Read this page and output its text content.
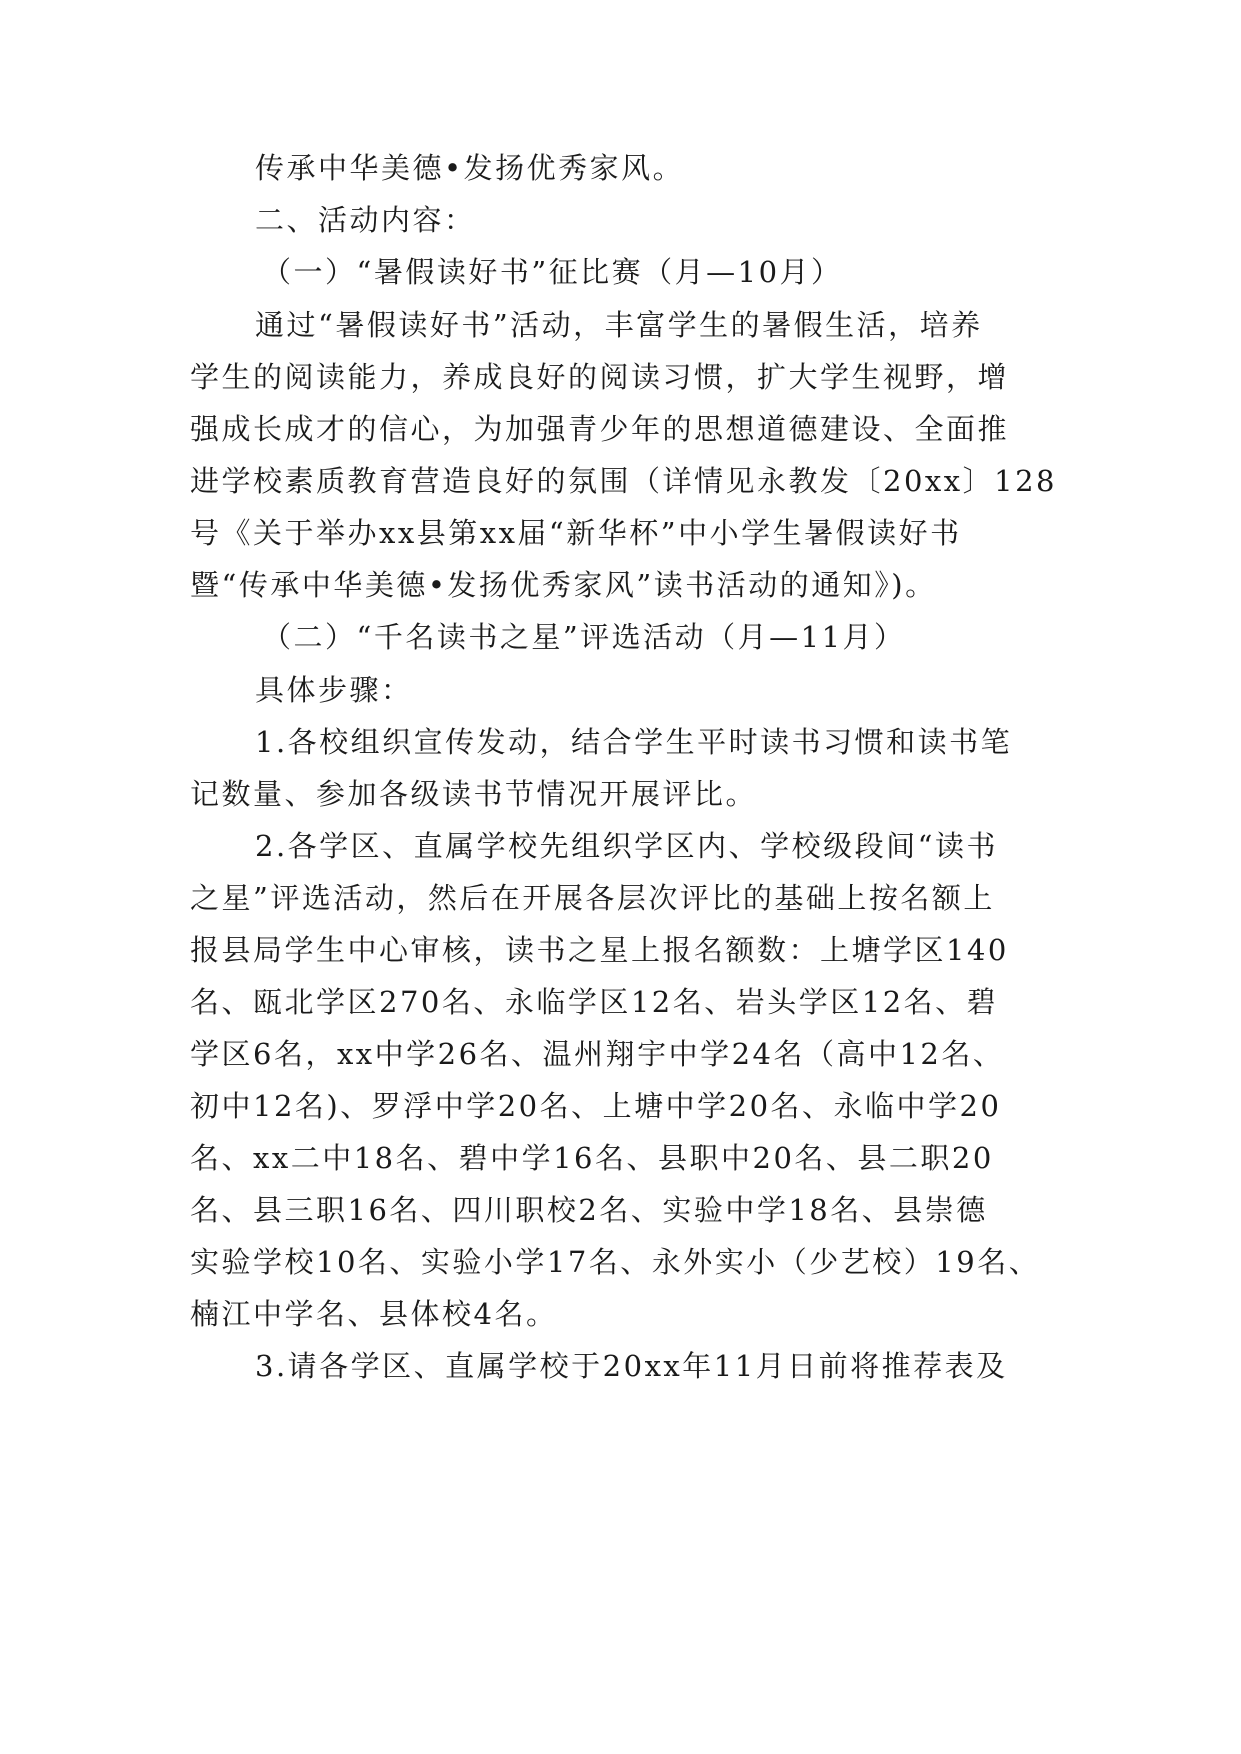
传承中华美德•发扬优秀家风。
二、活动内容：
（一）“暑假读好书”征比赛（月—10月）
通过“暑假读好书”活动，丰富学生的暑假生活，培养
学生的阅读能力，养成良好的阅读习惯，扩大学生视野，增
强成长成才的信心，为加强青少年的思想道德建设、全面推
进学校素质教育营造良好的氛围（详情见永教发〔20xx〕128
号《关于举办xx县第xx届“新华杯”中小学生暑假读好书
暨“传承中华美德•发扬优秀家风”读书活动的通知》)。
（二）“千名读书之星”评选活动（月—11月）
具体步骤：
1.各校组织宣传发动，结合学生平时读书习惯和读书笔
记数量、参加各级读书节情况开展评比。
2.各学区、直属学校先组织学区内、学校级段间“读书
之星”评选活动，然后在开展各层次评比的基础上按名额上
报县局学生中心审核，读书之星上报名额数：上塘学区140
名、瓯北学区270名、永临学区12名、岩头学区12名、碧
学区6名，xx中学26名、温州翔宇中学24名（高中12名、
初中12名)、罗浮中学20名、上塘中学20名、永临中学20
名、xx二中18名、碧中学16名、县职中20名、县二职20
名、县三职16名、四川职校2名、实验中学18名、县崇德
实验学校10名、实验小学17名、永外实小（少艺校）19名、
楠江中学名、县体校4名。
3.请各学区、直属学校于20xx年11月日前将推荐表及
